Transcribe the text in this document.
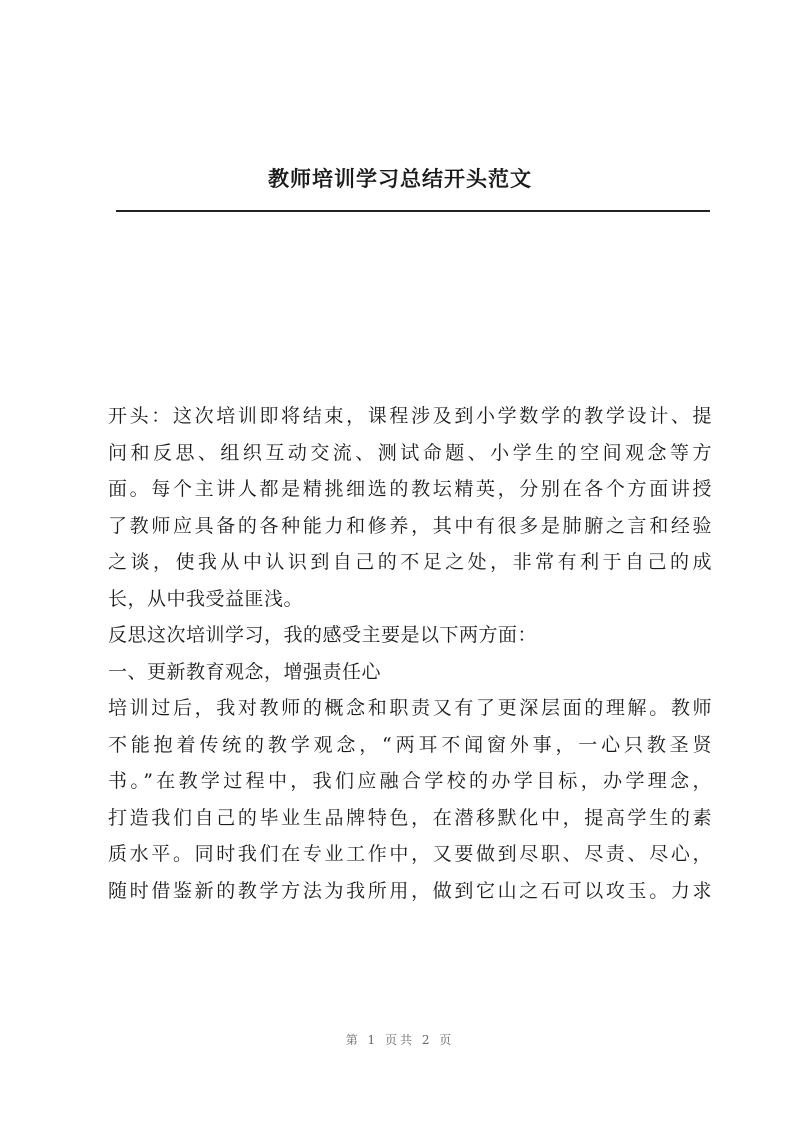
教师培训学习总结开头范文
开头：这次培训即将结束，课程涉及到小学数学的教学设计、提
问和反思、组织互动交流、测试命题、小学生的空间观念等方
面。每个主讲人都是精挑细选的教坛精英，分别在各个方面讲授
了教师应具备的各种能力和修养，其中有很多是肺腑之言和经验
之谈，使我从中认识到自己的不足之处，非常有利于自己的成
长，从中我受益匪浅。
反思这次培训学习，我的感受主要是以下两方面：
一、更新教育观念，增强责任心
培训过后，我对教师的概念和职责又有了更深层面的理解。教师
不能抱着传统的教学观念，“两耳不闻窗外事，一心只教圣贤
书。”在教学过程中，我们应融合学校的办学目标，办学理念，
打造我们自己的毕业生品牌特色，在潜移默化中，提高学生的素
质水平。同时我们在专业工作中，又要做到尽职、尽责、尽心，
随时借鉴新的教学方法为我所用，做到它山之石可以攻玉。力求
第 1 页共 2 页
